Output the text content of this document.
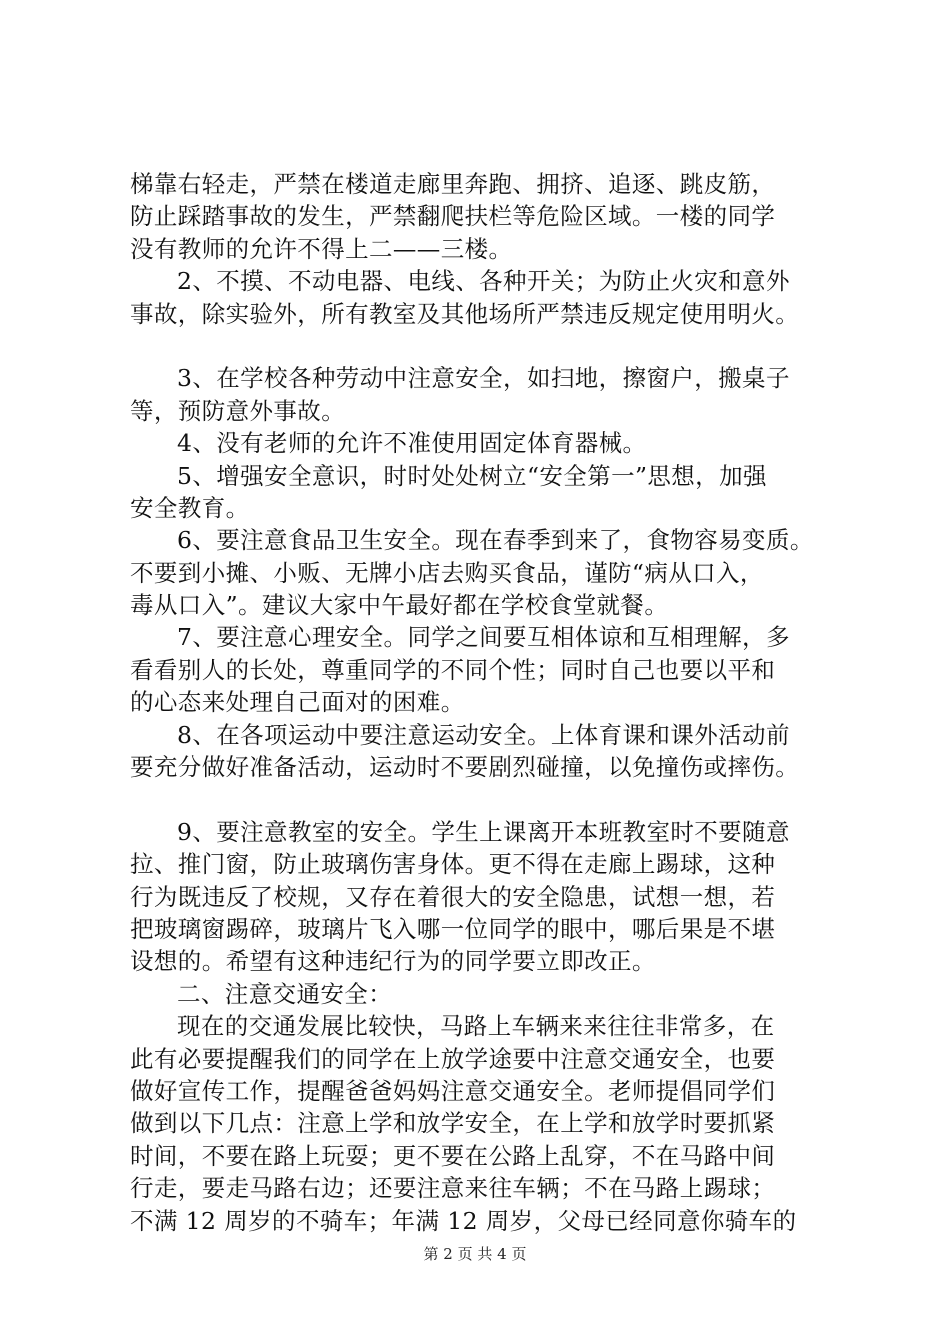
梯靠右轻走，严禁在楼道走廊里奔跑、拥挤、追逐、跳皮筋，
防止踩踏事故的发生，严禁翻爬扶栏等危险区域。一楼的同学
没有教师的允许不得上二——三楼。
2、不摸、不动电器、电线、各种开关；为防止火灾和意外
事故，除实验外，所有教室及其他场所严禁违反规定使用明火。
3、在学校各种劳动中注意安全，如扫地，擦窗户，搬桌子
等，预防意外事故。
4、没有老师的允许不准使用固定体育器械。
5、增强安全意识，时时处处树立“安全第一”思想，加强
安全教育。
6、要注意食品卫生安全。现在春季到来了，食物容易变质。
不要到小摊、小贩、无牌小店去购买食品，谨防“病从口入，
毒从口入”。建议大家中午最好都在学校食堂就餐。
7、要注意心理安全。同学之间要互相体谅和互相理解，多
看看别人的长处，尊重同学的不同个性；同时自己也要以平和
的心态来处理自己面对的困难。
8、在各项运动中要注意运动安全。上体育课和课外活动前
要充分做好准备活动，运动时不要剧烈碰撞，以免撞伤或摔伤。
9、要注意教室的安全。学生上课离开本班教室时不要随意
拉、推门窗，防止玻璃伤害身体。更不得在走廊上踢球，这种
行为既违反了校规，又存在着很大的安全隐患，试想一想，若
把玻璃窗踢碎，玻璃片飞入哪一位同学的眼中，哪后果是不堪
设想的。希望有这种违纪行为的同学要立即改正。
二、注意交通安全：
现在的交通发展比较快，马路上车辆来来往往非常多，在
此有必要提醒我们的同学在上放学途要中注意交通安全，也要
做好宣传工作，提醒爸爸妈妈注意交通安全。老师提倡同学们
做到以下几点：注意上学和放学安全，在上学和放学时要抓紧
时间，不要在路上玩耍；更不要在公路上乱穿，不在马路中间
行走，要走马路右边；还要注意来往车辆；不在马路上踢球；
不满 12 周岁的不骑车；年满 12 周岁，父母已经同意你骑车的
第 2 页 共 4 页
